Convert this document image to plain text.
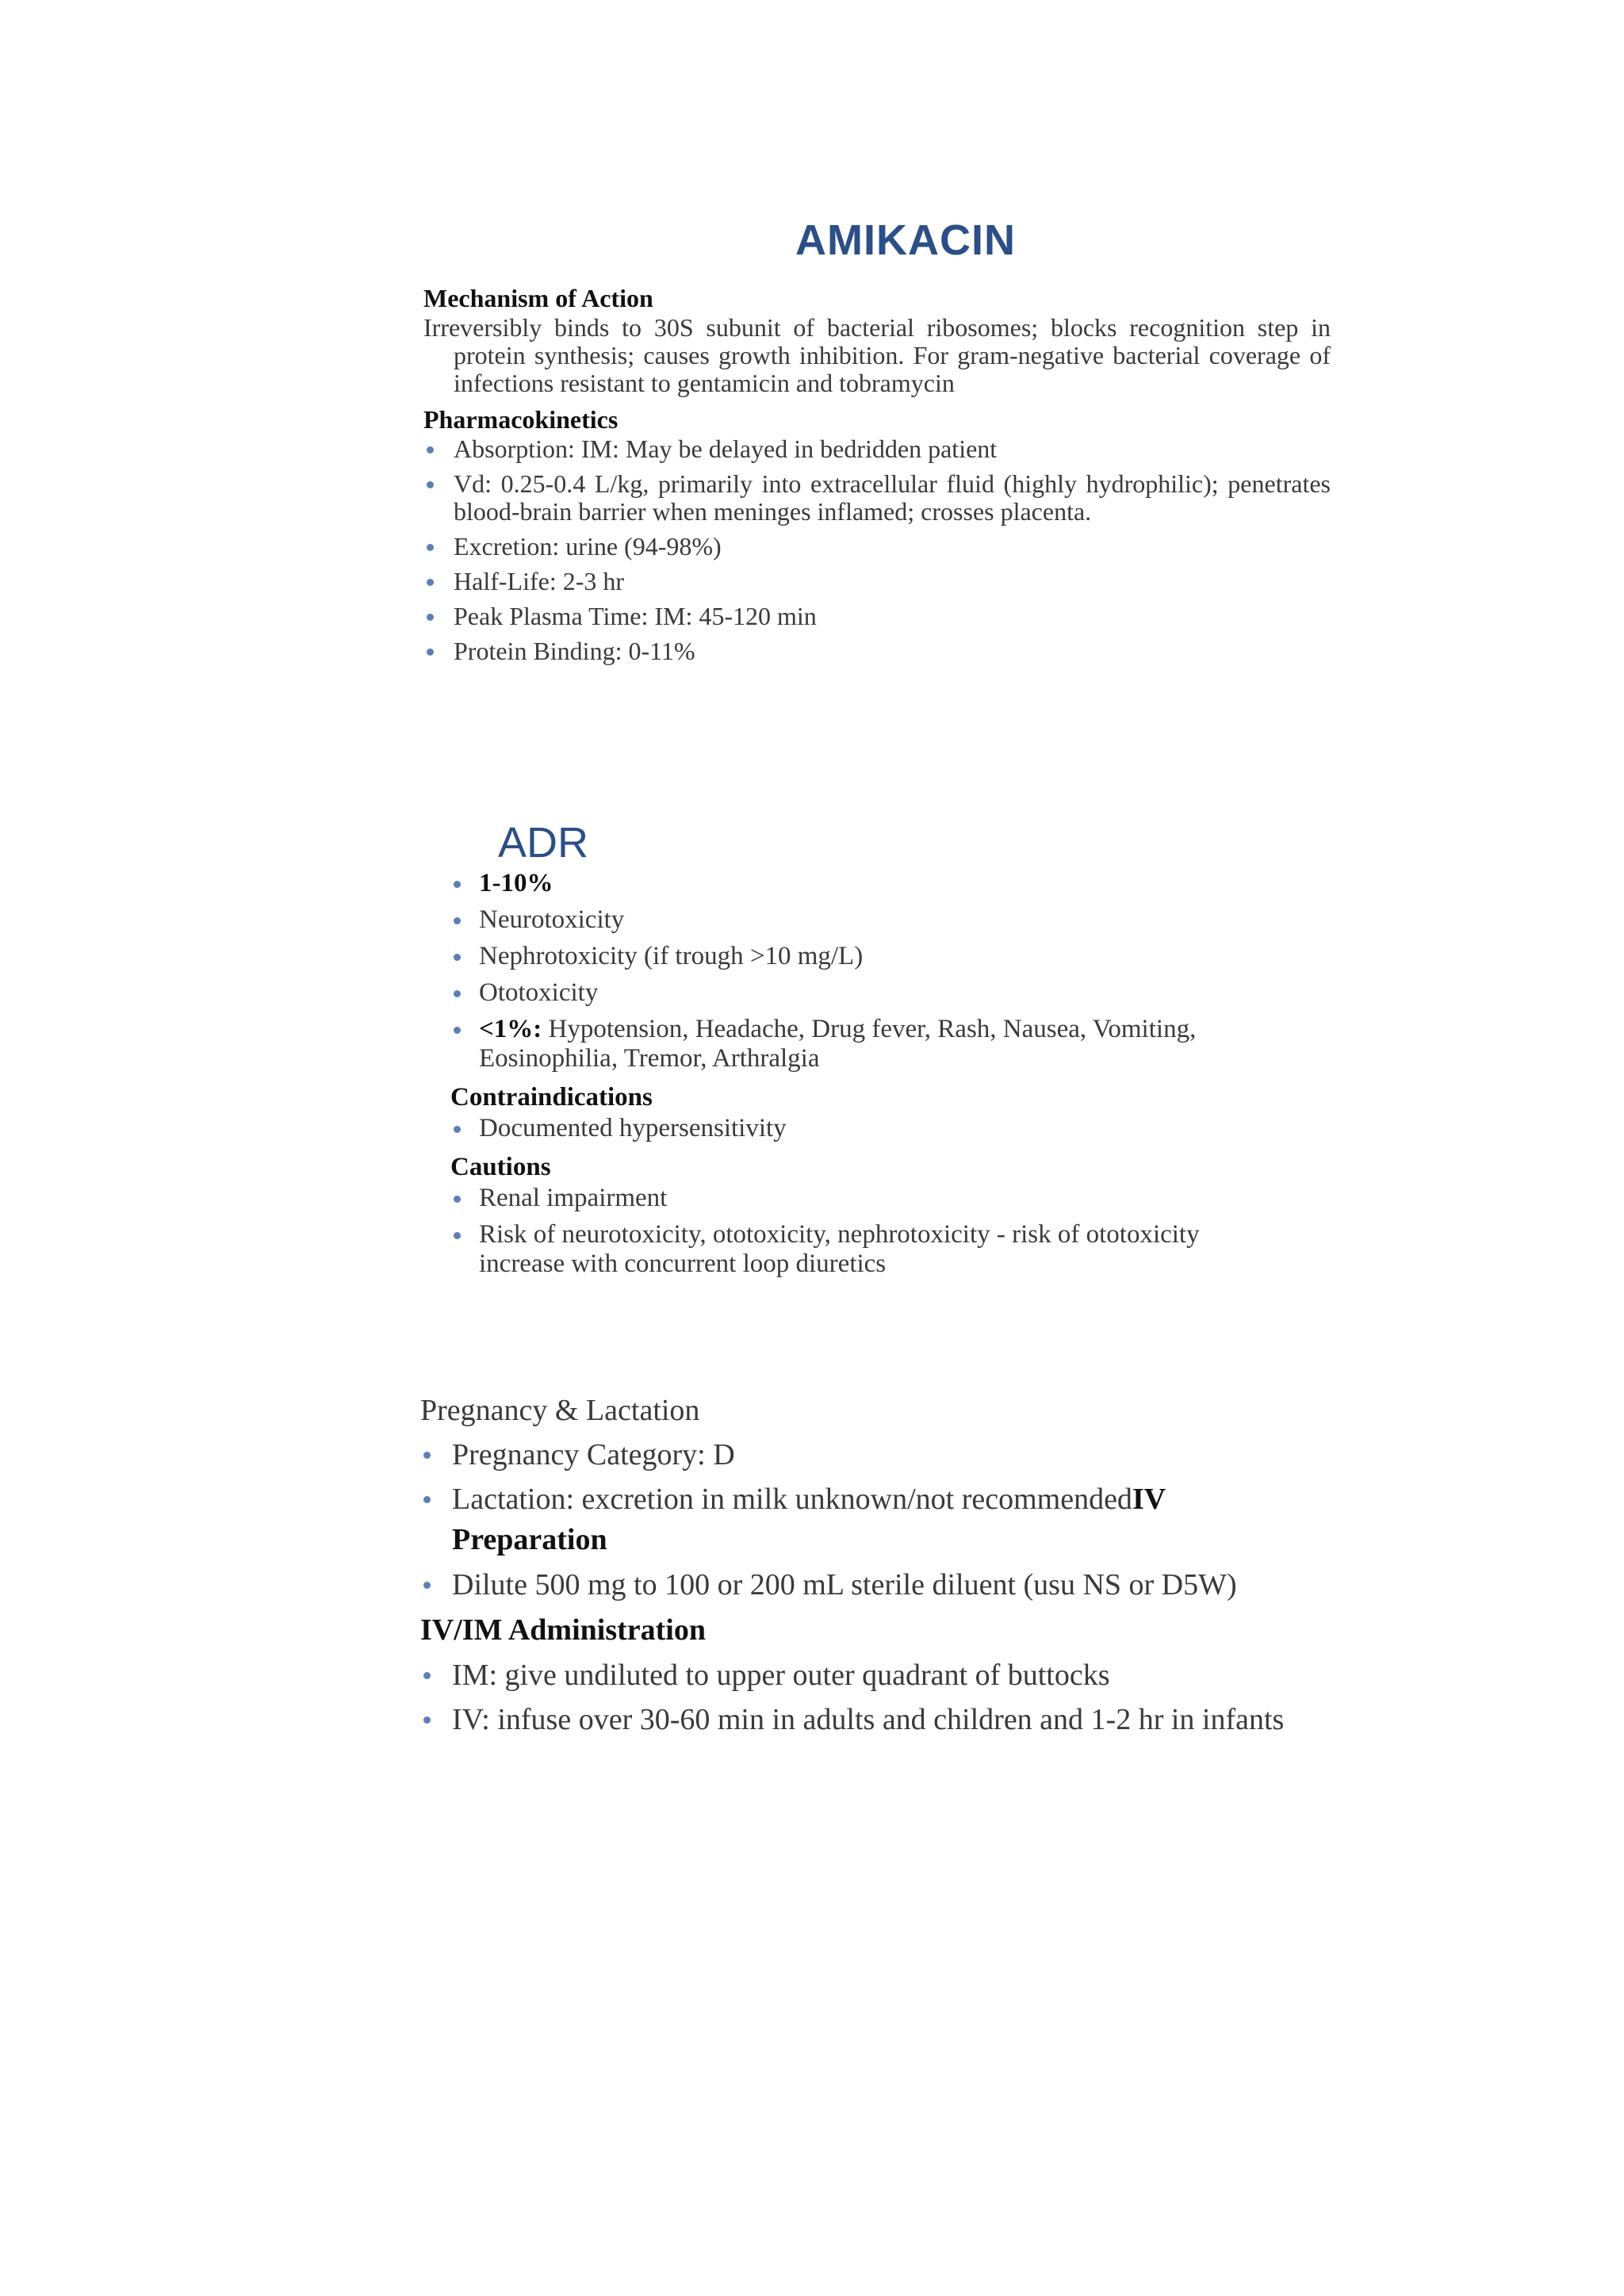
AMIKACIN

Mechanism of Action

Irreversibly binds to 30S subunit of bacterial ribosomes; blocks recognition step in protein synthesis; causes growth inhibition. For gram-negative bacterial coverage of infections resistant to gentamicin and tobramycin

Pharmacokinetics

Absorption: IM: May be delayed in bedridden patient
Vd: 0.25-0.4 L/kg, primarily into extracellular fluid (highly hydrophilic); penetrates blood-brain barrier when meninges inflamed; crosses placenta.
Excretion: urine (94-98%)
Half-Life: 2-3 hr
Peak Plasma Time: IM: 45-120 min
Protein Binding: 0-11%
ADR
1-10%
Neurotoxicity
Nephrotoxicity (if trough >10 mg/L)
Ototoxicity
<1%: Hypotension, Headache, Drug fever, Rash, Nausea, Vomiting, Eosinophilia, Tremor, Arthralgia

Contraindications

Documented hypersensitivity

Cautions

Renal impairment
Risk of neurotoxicity, ototoxicity, nephrotoxicity - risk of ototoxicity increase with concurrent loop diuretics

Pregnancy & Lactation

Pregnancy Category: D
Lactation: excretion in milk unknown/not recommendedIV

Preparation

Dilute 500 mg to 100 or 200 mL sterile diluent (usu NS or D5W)

IV/IM Administration

IM: give undiluted to upper outer quadrant of buttocks
IV: infuse over 30-60 min in adults and children and 1-2 hr in infants
